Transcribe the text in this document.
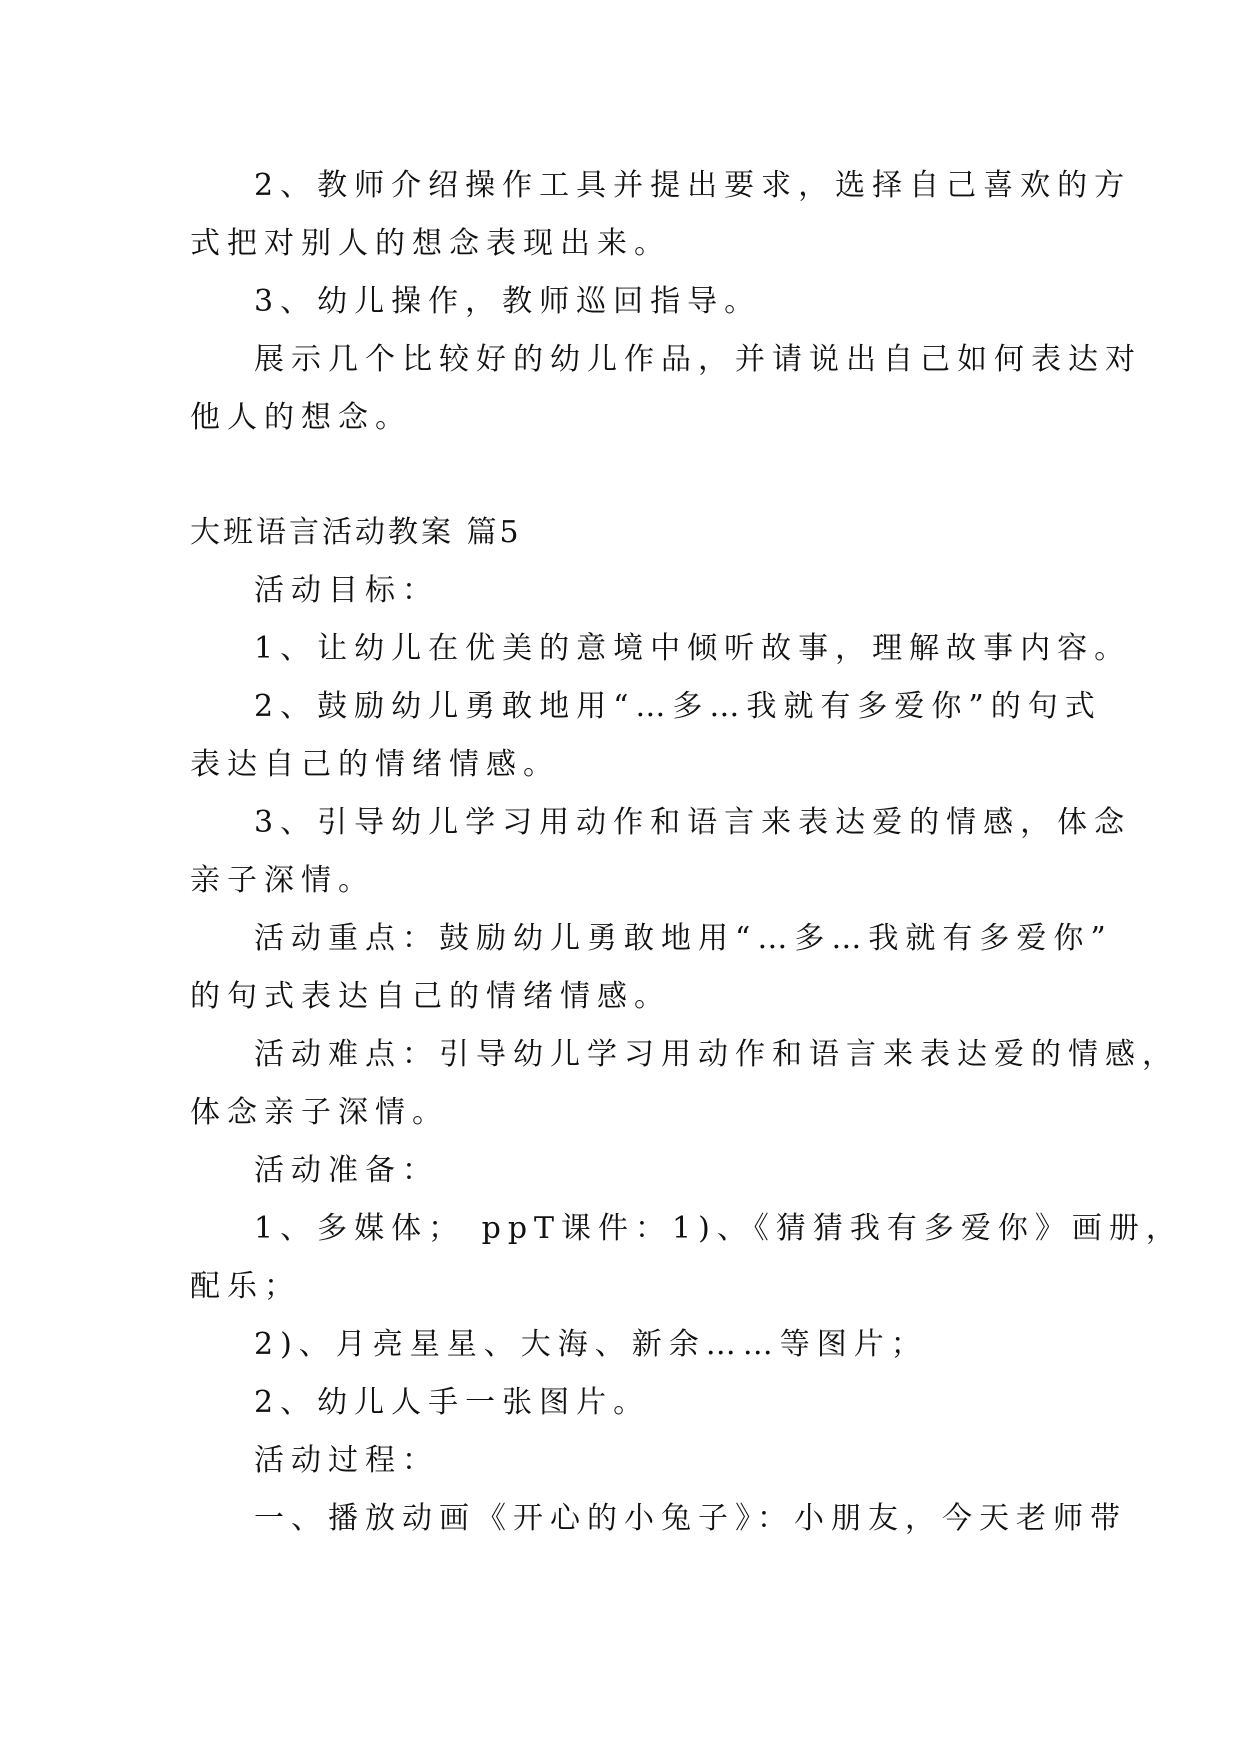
2、教师介绍操作工具并提出要求，选择自己喜欢的方

式把对别人的想念表现出来。

3、幼儿操作，教师巡回指导。

展示几个比较好的幼儿作品，并请说出自己如何表达对

他人的想念。

大班语言活动教案 篇5

活动目标：

1、让幼儿在优美的意境中倾听故事，理解故事内容。

2、鼓励幼儿勇敢地用“…多…我就有多爱你”的句式

表达自己的情绪情感。

3、引导幼儿学习用动作和语言来表达爱的情感，体念

亲子深情。

活动重点：鼓励幼儿勇敢地用“…多…我就有多爱你”

的句式表达自己的情绪情感。

活动难点：引导幼儿学习用动作和语言来表达爱的情感，

体念亲子深情。

活动准备：

1、多媒体； ppT课件：1)、《猜猜我有多爱你》画册，

配乐；

2)、月亮星星、大海、新余……等图片；

2、幼儿人手一张图片。

活动过程：

一、播放动画《开心的小兔子》：小朋友，今天老师带
